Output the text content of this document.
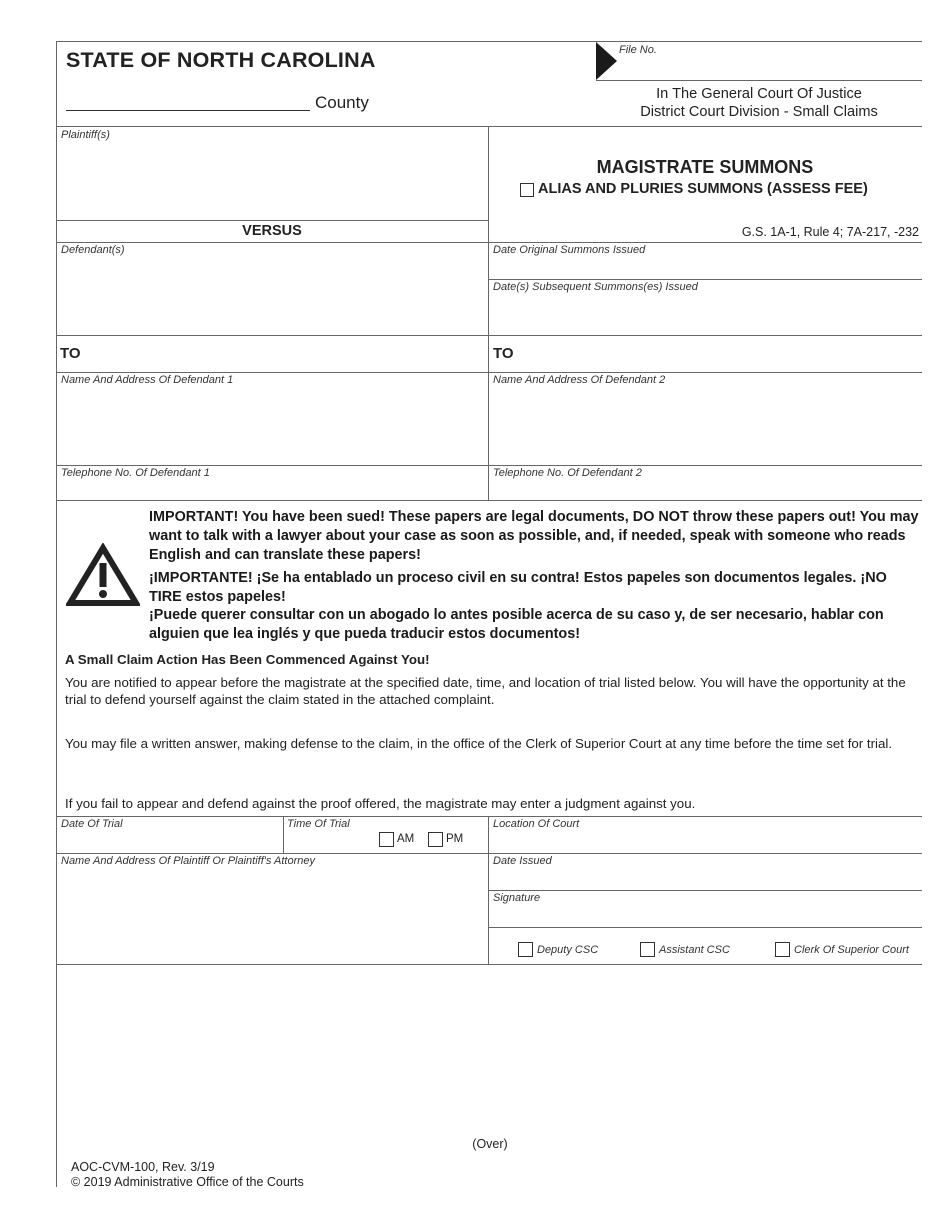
STATE OF NORTH CAROLINA
County
File No.
In The General Court Of Justice
District Court Division - Small Claims
Plaintiff(s)
VERSUS
Defendant(s)
MAGISTRATE SUMMONS
ALIAS AND PLURIES SUMMONS (ASSESS FEE)
G.S. 1A-1, Rule 4; 7A-217, -232
Date Original Summons Issued
Date(s) Subsequent Summons(es) Issued
TO	TO
Name And Address Of Defendant 1	Name And Address Of Defendant 2
Telephone No. Of Defendant 1	Telephone No. Of Defendant 2
IMPORTANT! You have been sued! These papers are legal documents, DO NOT throw these papers out! You may want to talk with a lawyer about your case as soon as possible, and, if needed, speak with someone who reads English and can translate these papers!
¡IMPORTANTE! ¡Se ha entablado un proceso civil en su contra! Estos papeles son documentos legales. ¡NO TIRE estos papeles!
¡Puede querer consultar con un abogado lo antes posible acerca de su caso y, de ser necesario, hablar con alguien que lea inglés y que pueda traducir estos documentos!
A Small Claim Action Has Been Commenced Against You!
You are notified to appear before the magistrate at the specified date, time, and location of trial listed below. You will have the opportunity at the trial to defend yourself against the claim stated in the attached complaint.
You may file a written answer, making defense to the claim, in the office of the Clerk of Superior Court at any time before the time set for trial.
If you fail to appear and defend against the proof offered, the magistrate may enter a judgment against you.
Date Of Trial	Time Of Trial
AM	PM
Location Of Court
Name And Address Of Plaintiff Or Plaintiff's Attorney	Date Issued
Signature
Deputy CSC	Assistant CSC	Clerk Of Superior Court
(Over)
AOC-CVM-100, Rev. 3/19
© 2019 Administrative Office of the Courts
